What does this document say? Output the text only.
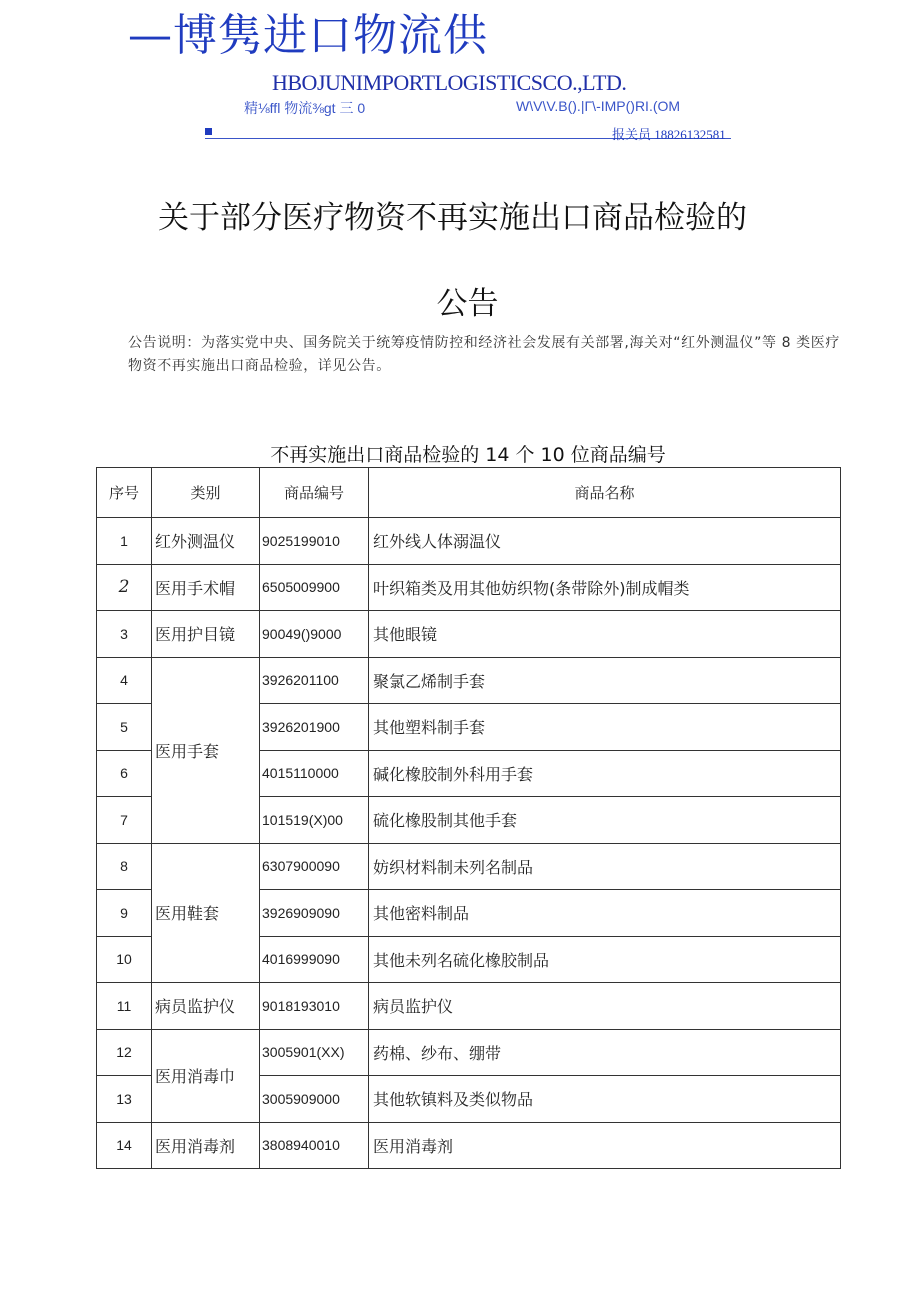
—博隽进口物流供
HBOJUNIMPORTLOGISTICSCO.,LTD.
精⅛ffl 物流⅜gt 三 0	W\V\V.B().|Γ\-IMP()RI.(OM
报关员 18826132581
关于部分医疗物资不再实施出口商品检验的
公告
公告说明：为落实党中央、国务院关于统筹疫情防控和经济社会发展有关部署,海关对“红外测温仪”等 8 类医疗物资不再实施出口商品检验，详见公告。
不再实施出口商品检验的 14 个 10 位商品编号
序号	类别	商品编号	商品名称
1	红外测温仪	9025199010	红外线人体溺温仪
2	医用手术帽	6505009900	叶织箱类及用其他妨织物(条带除外)制成帽类
3	医用护目镜	90049()9000	其他眼镜
4	医用手套	3926201100	聚氯乙烯制手套
5		3926201900	其他塑料制手套
6		4015110000	碱化橡胶制外科用手套
7		101519(X)00	硫化橡股制其他手套
8	医用鞋套	6307900090	妨织材料制未列名制品
9		3926909090	其他密料制品
10		4016999090	其他未列名硫化橡胶制品
11	病员监护仪	9018193010	病员监护仪
12	医用消毒巾	3005901(XX)	药棉、纱布、绷带
13		3005909000	其他软镇料及类似物品
14	医用消毒剂	3808940010	医用消毒剂
